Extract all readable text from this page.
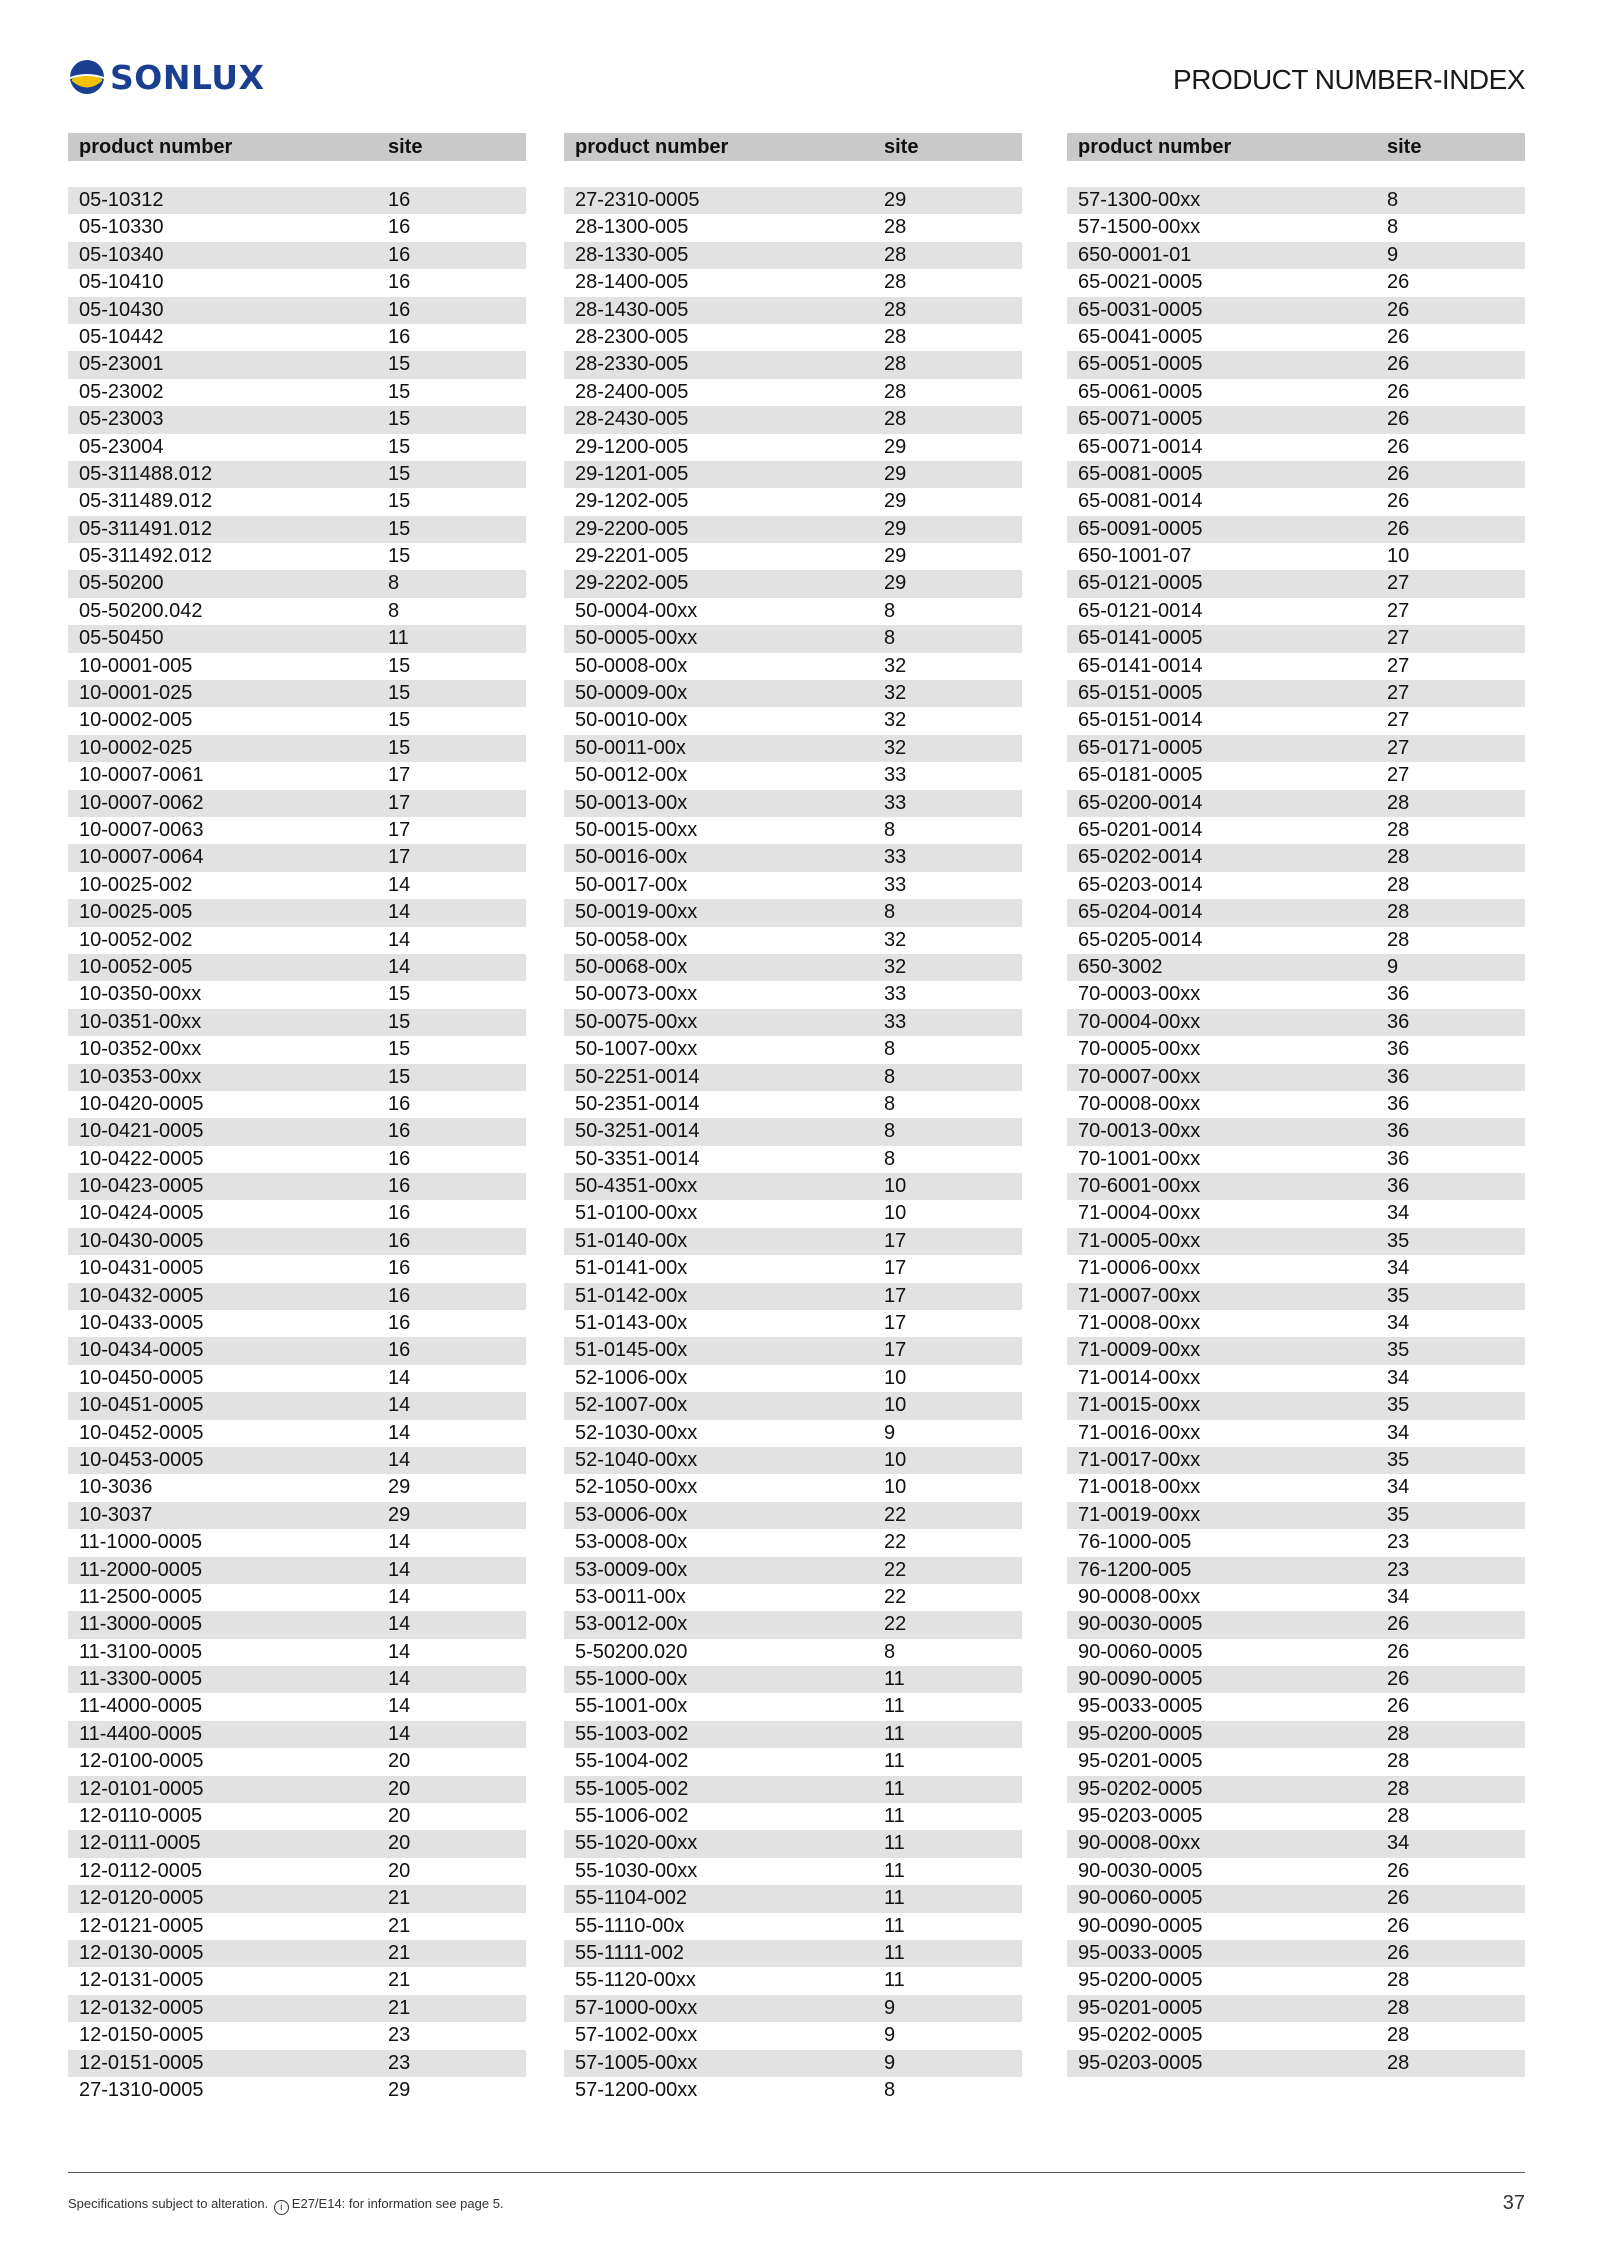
SONLUX	PRODUCT NUMBER-INDEX
product number	site
05-10312	16
05-10330	16
05-10340	16
05-10410	16
05-10430	16
05-10442	16
05-23001	15
05-23002	15
05-23003	15
05-23004	15
05-311488.012	15
05-311489.012	15
05-311491.012	15
05-311492.012	15
05-50200	8
05-50200.042	8
05-50450	11
10-0001-005	15
10-0001-025	15
10-0002-005	15
10-0002-025	15
10-0007-0061	17
10-0007-0062	17
10-0007-0063	17
10-0007-0064	17
10-0025-002	14
10-0025-005	14
10-0052-002	14
10-0052-005	14
10-0350-00xx	15
10-0351-00xx	15
10-0352-00xx	15
10-0353-00xx	15
10-0420-0005	16
10-0421-0005	16
10-0422-0005	16
10-0423-0005	16
10-0424-0005	16
10-0430-0005	16
10-0431-0005	16
10-0432-0005	16
10-0433-0005	16
10-0434-0005	16
10-0450-0005	14
10-0451-0005	14
10-0452-0005	14
10-0453-0005	14
10-3036	29
10-3037	29
11-1000-0005	14
11-2000-0005	14
11-2500-0005	14
11-3000-0005	14
11-3100-0005	14
11-3300-0005	14
11-4000-0005	14
11-4400-0005	14
12-0100-0005	20
12-0101-0005	20
12-0110-0005	20
12-0111-0005	20
12-0112-0005	20
12-0120-0005	21
12-0121-0005	21
12-0130-0005	21
12-0131-0005	21
12-0132-0005	21
12-0150-0005	23
12-0151-0005	23
27-1310-0005	29
product number	site
27-2310-0005	29
28-1300-005	28
28-1330-005	28
28-1400-005	28
28-1430-005	28
28-2300-005	28
28-2330-005	28
28-2400-005	28
28-2430-005	28
29-1200-005	29
29-1201-005	29
29-1202-005	29
29-2200-005	29
29-2201-005	29
29-2202-005	29
50-0004-00xx	8
50-0005-00xx	8
50-0008-00x	32
50-0009-00x	32
50-0010-00x	32
50-0011-00x	32
50-0012-00x	33
50-0013-00x	33
50-0015-00xx	8
50-0016-00x	33
50-0017-00x	33
50-0019-00xx	8
50-0058-00x	32
50-0068-00x	32
50-0073-00xx	33
50-0075-00xx	33
50-1007-00xx	8
50-2251-0014	8
50-2351-0014	8
50-3251-0014	8
50-3351-0014	8
50-4351-00xx	10
51-0100-00xx	10
51-0140-00x	17
51-0141-00x	17
51-0142-00x	17
51-0143-00x	17
51-0145-00x	17
52-1006-00x	10
52-1007-00x	10
52-1030-00xx	9
52-1040-00xx	10
52-1050-00xx	10
53-0006-00x	22
53-0008-00x	22
53-0009-00x	22
53-0011-00x	22
53-0012-00x	22
5-50200.020	8
55-1000-00x	11
55-1001-00x	11
55-1003-002	11
55-1004-002	11
55-1005-002	11
55-1006-002	11
55-1020-00xx	11
55-1030-00xx	11
55-1104-002	11
55-1110-00x	11
55-1111-002	11
55-1120-00xx	11
57-1000-00xx	9
57-1002-00xx	9
57-1005-00xx	9
57-1200-00xx	8
product number	site
57-1300-00xx	8
57-1500-00xx	8
650-0001-01	9
65-0021-0005	26
65-0031-0005	26
65-0041-0005	26
65-0051-0005	26
65-0061-0005	26
65-0071-0005	26
65-0071-0014	26
65-0081-0005	26
65-0081-0014	26
65-0091-0005	26
650-1001-07	10
65-0121-0005	27
65-0121-0014	27
65-0141-0005	27
65-0141-0014	27
65-0151-0005	27
65-0151-0014	27
65-0171-0005	27
65-0181-0005	27
65-0200-0014	28
65-0201-0014	28
65-0202-0014	28
65-0203-0014	28
65-0204-0014	28
65-0205-0014	28
650-3002	9
70-0003-00xx	36
70-0004-00xx	36
70-0005-00xx	36
70-0007-00xx	36
70-0008-00xx	36
70-0013-00xx	36
70-1001-00xx	36
70-6001-00xx	36
71-0004-00xx	34
71-0005-00xx	35
71-0006-00xx	34
71-0007-00xx	35
71-0008-00xx	34
71-0009-00xx	35
71-0014-00xx	34
71-0015-00xx	35
71-0016-00xx	34
71-0017-00xx	35
71-0018-00xx	34
71-0019-00xx	35
76-1000-005	23
76-1200-005	23
90-0008-00xx	34
90-0030-0005	26
90-0060-0005	26
90-0090-0005	26
95-0033-0005	26
95-0200-0005	28
95-0201-0005	28
95-0202-0005	28
95-0203-0005	28
90-0008-00xx	34
90-0030-0005	26
90-0060-0005	26
90-0090-0005	26
95-0033-0005	26
95-0200-0005	28
95-0201-0005	28
95-0202-0005	28
95-0203-0005	28
Specifications subject to alteration. i E27/E14: for information see page 5.	37
